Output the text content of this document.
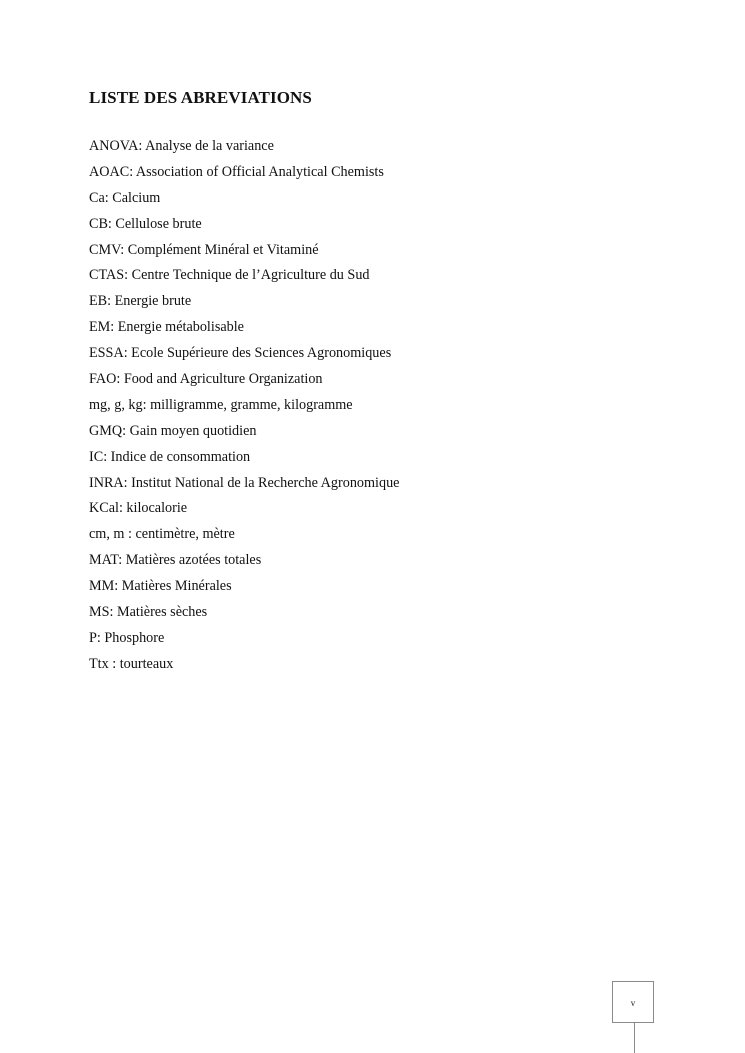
LISTE DES ABREVIATIONS
ANOVA: Analyse de la variance
AOAC: Association of Official Analytical Chemists
Ca: Calcium
CB: Cellulose brute
CMV: Complément Minéral et Vitaminé
CTAS: Centre Technique de l’Agriculture du Sud
EB: Energie brute
EM: Energie métabolisable
ESSA: Ecole Supérieure des Sciences Agronomiques
FAO: Food and Agriculture Organization
mg, g, kg: milligramme, gramme, kilogramme
GMQ: Gain moyen quotidien
IC: Indice de consommation
INRA: Institut National de la Recherche Agronomique
KCal: kilocalorie
cm, m : centimètre, mètre
MAT: Matières azotées totales
MM: Matières Minérales
MS: Matières sèches
P: Phosphore
Ttx : tourteaux
v
